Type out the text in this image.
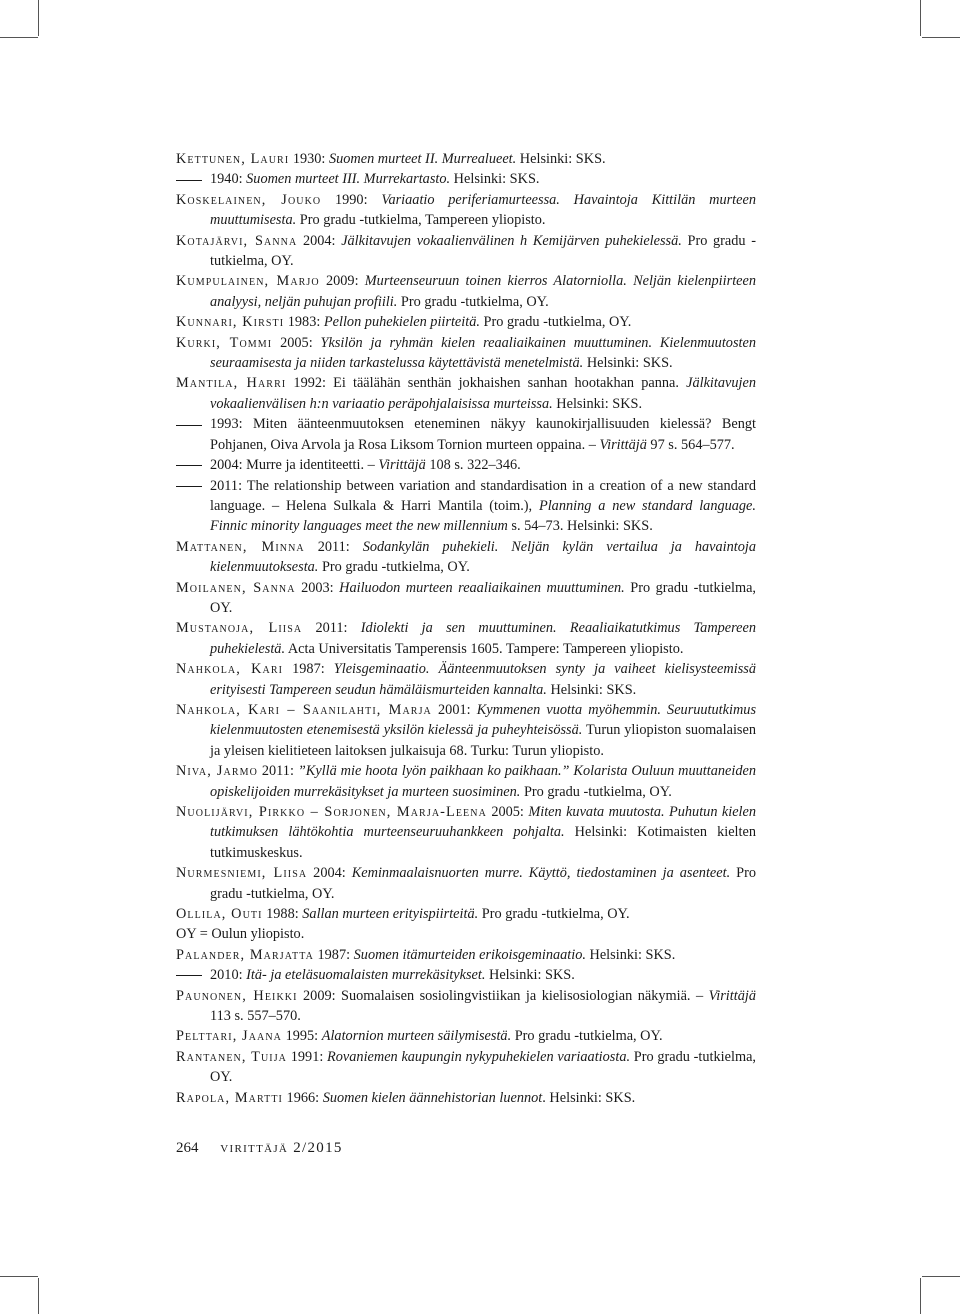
Kettunen, Lauri 1930: Suomen murteet II. Murrealueet. Helsinki: SKS.

1940: Suomen murteet III. Murrekartasto. Helsinki: SKS.

Koskelainen, Jouko 1990: Variaatio periferiamurteessa. Havaintoja Kittilän murteen muuttumisesta. Pro gradu -tutkielma, Tampereen yliopisto.

Kotajärvi, Sanna 2004: Jälkitavujen vokaalienvälinen h Kemijärven puhekielessä. Pro gradu -tutkielma, OY.

Kumpulainen, Marjo 2009: Murteenseuruun toinen kierros Alatorniolla. Neljän kielenpiirteen analyysi, neljän puhujan profiili. Pro gradu -tutkielma, OY.

Kunnari, Kirsti 1983: Pellon puhekielen piirteitä. Pro gradu -tutkielma, OY.

Kurki, Tommi 2005: Yksilön ja ryhmän kielen reaaliaikainen muuttuminen. Kielenmuutosten seuraamisesta ja niiden tarkastelussa käytettävistä menetelmistä. Helsinki: SKS.

Mantila, Harri 1992: Ei täälähän senthän jokhaishen sanhan hootakhan panna. Jälkitavujen vokaalienvälisen h:n variaatio peräpohjalaisissa murteissa. Helsinki: SKS.

1993: Miten äänteenmuutoksen eteneminen näkyy kaunokirjallisuuden kielessä? Bengt Pohjanen, Oiva Arvola ja Rosa Liksom Tornion murteen oppaina. – Virittäjä 97 s. 564–577.

2004: Murre ja identiteetti. – Virittäjä 108 s. 322–346.

2011: The relationship between variation and standardisation in a creation of a new standard language. – Helena Sulkala & Harri Mantila (toim.), Planning a new standard language. Finnic minority languages meet the new millennium s. 54–73. Helsinki: SKS.

Mattanen, Minna 2011: Sodankylän puhekieli. Neljän kylän vertailua ja havaintoja kielenmuutoksesta. Pro gradu -tutkielma, OY.

Moilanen, Sanna 2003: Hailuodon murteen reaaliaikainen muuttuminen. Pro gradu -tutkielma, OY.

Mustanoja, Liisa 2011: Idiolekti ja sen muuttuminen. Reaaliaikatutkimus Tampereen puhekielestä. Acta Universitatis Tamperensis 1605. Tampere: Tampereen yliopisto.

Nahkola, Kari 1987: Yleisgeminaatio. Äänteenmuutoksen synty ja vaiheet kielisysteemissä erityisesti Tampereen seudun hämäläismurteiden kannalta. Helsinki: SKS.

Nahkola, Kari – Saanilahti, Marja 2001: Kymmenen vuotta myöhemmin. Seuruututkimus kielenmuutosten etenemisestä yksilön kielessä ja puheyhteisössä. Turun yliopiston suomalaisen ja yleisen kielitieteen laitoksen julkaisuja 68. Turku: Turun yliopisto.

Niva, Jarmo 2011: ”Kyllä mie hoota lyön paikhaan ko paikhaan.” Kolarista Ouluun muuttaneiden opiskelijoiden murrekäsitykset ja murteen suosiminen. Pro gradu -tutkielma, OY.

Nuolijärvi, Pirkko – Sorjonen, Marja-Leena 2005: Miten kuvata muutosta. Puhutun kielen tutkimuksen lähtökohtia murteenseuruuhankkeen pohjalta. Helsinki: Kotimaisten kielten tutkimuskeskus.

Nurmesniemi, Liisa 2004: Keminmaalaisnuorten murre. Käyttö, tiedostaminen ja asenteet. Pro gradu -tutkielma, OY.

Ollila, Outi 1988: Sallan murteen erityispiirteitä. Pro gradu -tutkielma, OY.

OY = Oulun yliopisto.

Palander, Marjatta 1987: Suomen itämurteiden erikoisgeminaatio. Helsinki: SKS.

2010: Itä- ja eteläsuomalaisten murrekäsitykset. Helsinki: SKS.

Paunonen, Heikki 2009: Suomalaisen sosiolingvistiikan ja kielisosiologian näkymiä. – Virittäjä 113 s. 557–570.

Pelttari, Jaana 1995: Alatornion murteen säilymisestä. Pro gradu -tutkielma, OY.

Rantanen, Tuija 1991: Rovaniemen kaupungin nykypuhekielen variaatiosta. Pro gradu -tutkielma, OY.

Rapola, Martti 1966: Suomen kielen äännehistorian luennot. Helsinki: SKS.

264 virittäjä 2/2015
